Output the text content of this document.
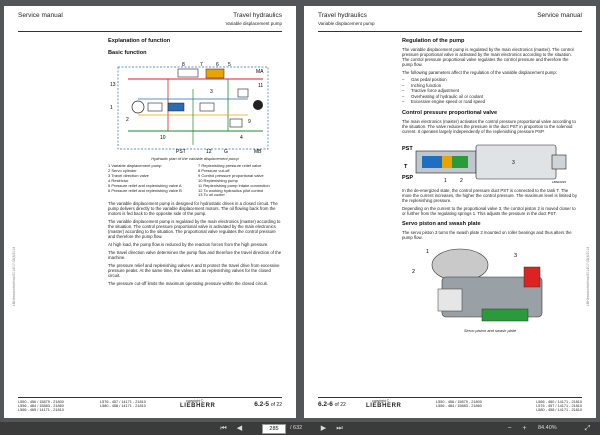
Service manual	Travel hydraulics
Variable displacement pump
LBH/mmdie/edit/mk/2014/17:38(4/2014
Explanation of function
Basic function
13
1
8	7	6 5
MA
11
9
10
3
4
2
12	MB
PST	G
Hydraulic plan of the variable displacement pump
1 Variable displacement pump	7 Replenishing pressure relief valve
2 Servo cylinder	8 Pressure cut-off
3 Travel direction valve	9 Control pressure proportional valve
4 Restrictor	10 Replenishing pump
5 Pressure relief and replenishing valve A	11 Replenishing pump intake connection
6 Pressure relief and replenishing valve B	12 To working hydraulics pilot control
13 To oil cooler

The variable displacement pump is designed for hydrostatic drives in a closed circuit. The pump delivers directly to the variable displacement motors. The oil flowing back from the motors is fed back to the opposite side of the pump.

The variable displacement pump is regulated by the main electronics (master) according to the situation. The control pressure proportional valve is activated by the main electronics (master) according to the situation. The proportional valve regulates the control pressure and therefore the pump flow.

At high load, the pump flow is reduced by the reaction forces from the high pressure.

The travel direction valve determines the pump flow and therefore the travel direction of the machine.

The pressure relief and replenishing valves A and B protect the travel drive from excessive pressure peaks. At the same time, the valves act as replenishing valves for the closed circuit.

The pressure cut-off limits the maximum operating pressure within the closed circuit.

L550 - 456 / 15879 - 21800
L556 - 484 / 15883 - 21860
L566 - 465 / 14171 - 21810
L576 - 457 / 14171 - 21810
L580 - 458 / 14171 - 21810
copyright ©
LIEBHERR	6.2-5 of 22
Travel hydraulics
Variable displacement pump
Service manual
LBH/mmdie/edit/mk/2014/17:38(4/2014
Regulation of the pump

The variable displacement pump is regulated by the main electronics (master). The control pressure proportional valve is activated by the main electronics according to the situation. The control pressure proportional valve regulates the control pressure and therefore the pump flow.

The following parameters affect the regulation of the variable displacement pump:

– Gas pedal position
– Inching function
– Tractive force adjustment
– Overheating of hydraulic oil or coolant
– Excessive engine speed or road speed
Control pressure proportional valve

The main electronics (master) activates the control pressure proportional valve according to the situation. The valve reduces the pressure in the duct PST in proportion to the solenoid current. It operates largely independently of the replenishing pressure PSP.

PST
T
PSP	1	2
3
LBS02215

In the de-energized state, the control pressure duct PST is connected to the tank T. The more the current increases, the higher the control pressure. The maximum level is limited by the replenishing pressure.

Depending on the current to the proportional valve 3, the control piston 2 is moved closer to or further from the regulating springs 1. This adjusts the pressure in the duct PST.

Servo piston and swash plate

The servo piston 3 turns the swash plate 2 mounted on roller bearings and thus alters the pump flow.

1
2
3
Servo piston and swash plate
6.2-6 of 22
copyright ©
LIEBHERR
L550 - 456 / 15879 - 21800
L556 - 484 / 15883 - 21860
L566 - 460 / 14171 - 21810
L576 - 457 / 14171 - 21810
L580 - 458 / 14171 - 21810
⏮	◀	285	/ 632	▶	⏭	−	+	84.40%	⤢
